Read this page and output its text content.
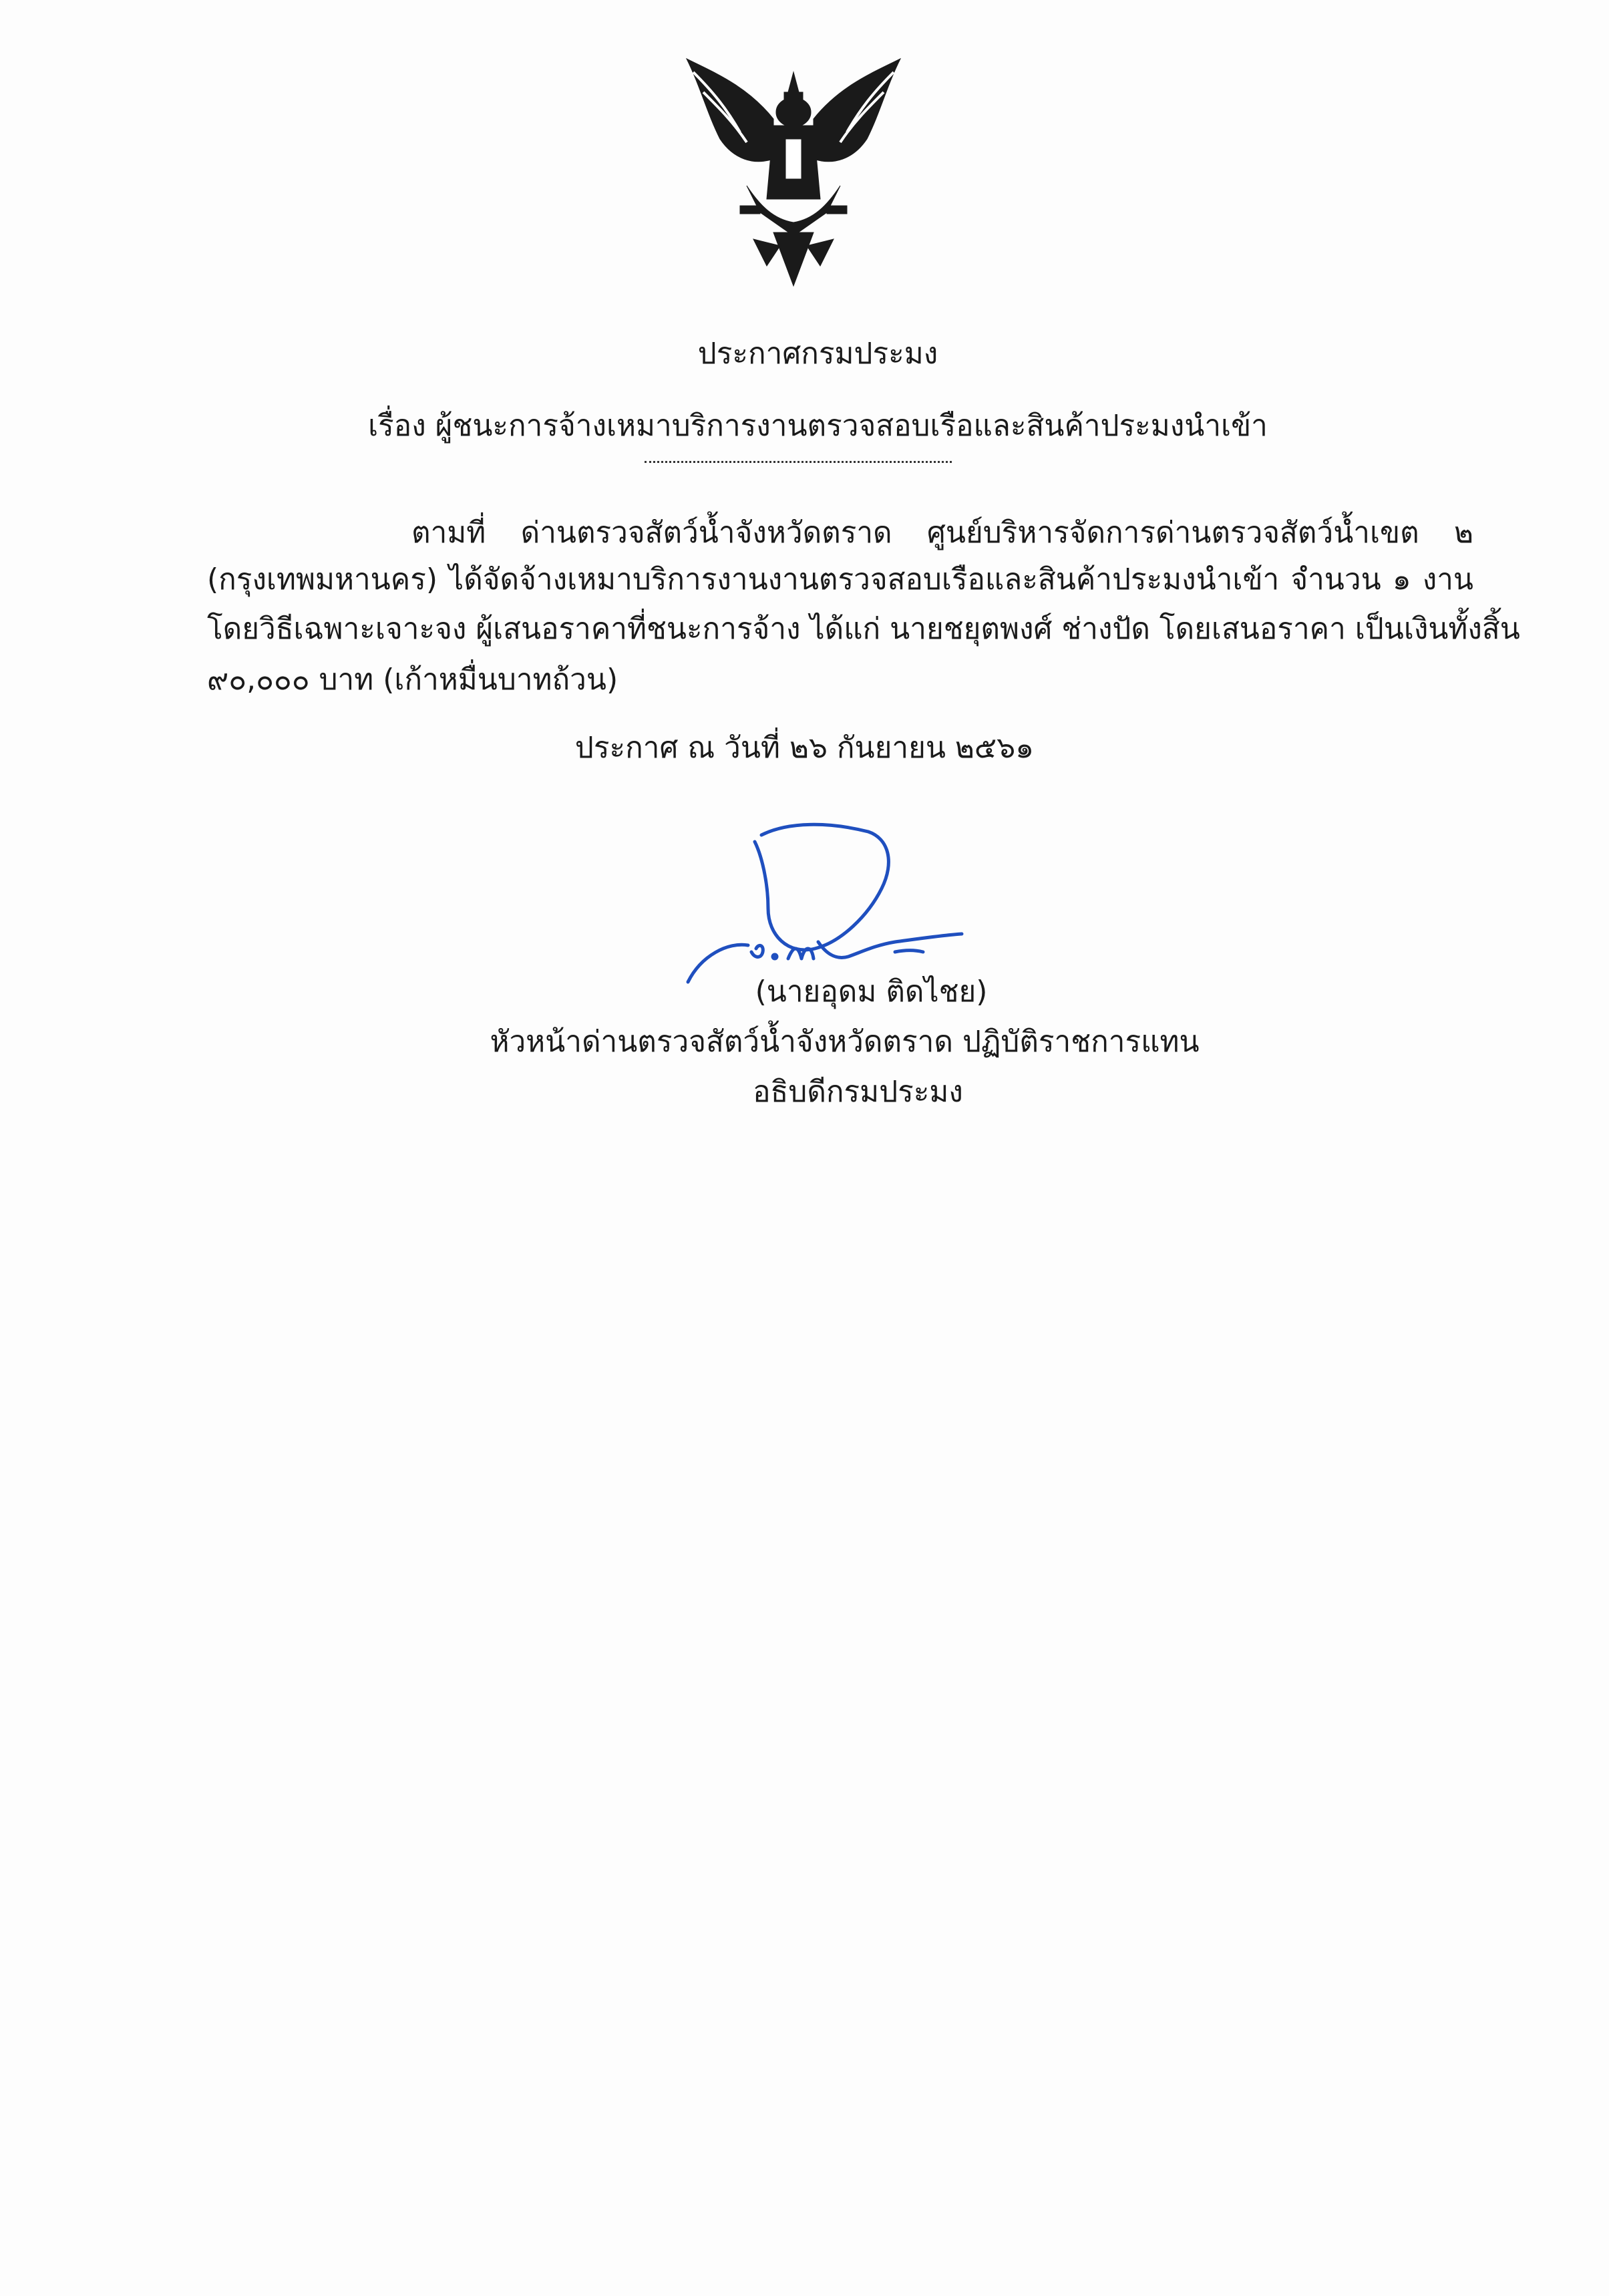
ประกาศกรมประมง
เรื่อง ผู้ชนะการจ้างเหมาบริการงานตรวจสอบเรือและสินค้าประมงนำเข้า
ตามที่ ด่านตรวจสัตว์น้ำจังหวัดตราด ศูนย์บริหารจัดการด่านตรวจสัตว์น้ำเขต ๒
(กรุงเทพมหานคร) ได้จัดจ้างเหมาบริการงานงานตรวจสอบเรือและสินค้าประมงนำเข้า จำนวน ๑ งาน
โดยวิธีเฉพาะเจาะจง ผู้เสนอราคาที่ชนะการจ้าง ได้แก่ นายชยุตพงศ์ ช่างปัด โดยเสนอราคา เป็นเงินทั้งสิ้น
๙๐,๐๐๐ บาท (เก้าหมื่นบาทถ้วน)
ประกาศ ณ วันที่ ๒๖ กันยายน ๒๕๖๑
(นายอุดม ติดไชย)
หัวหน้าด่านตรวจสัตว์น้ำจังหวัดตราด ปฏิบัติราชการแทน
อธิบดีกรมประมง
